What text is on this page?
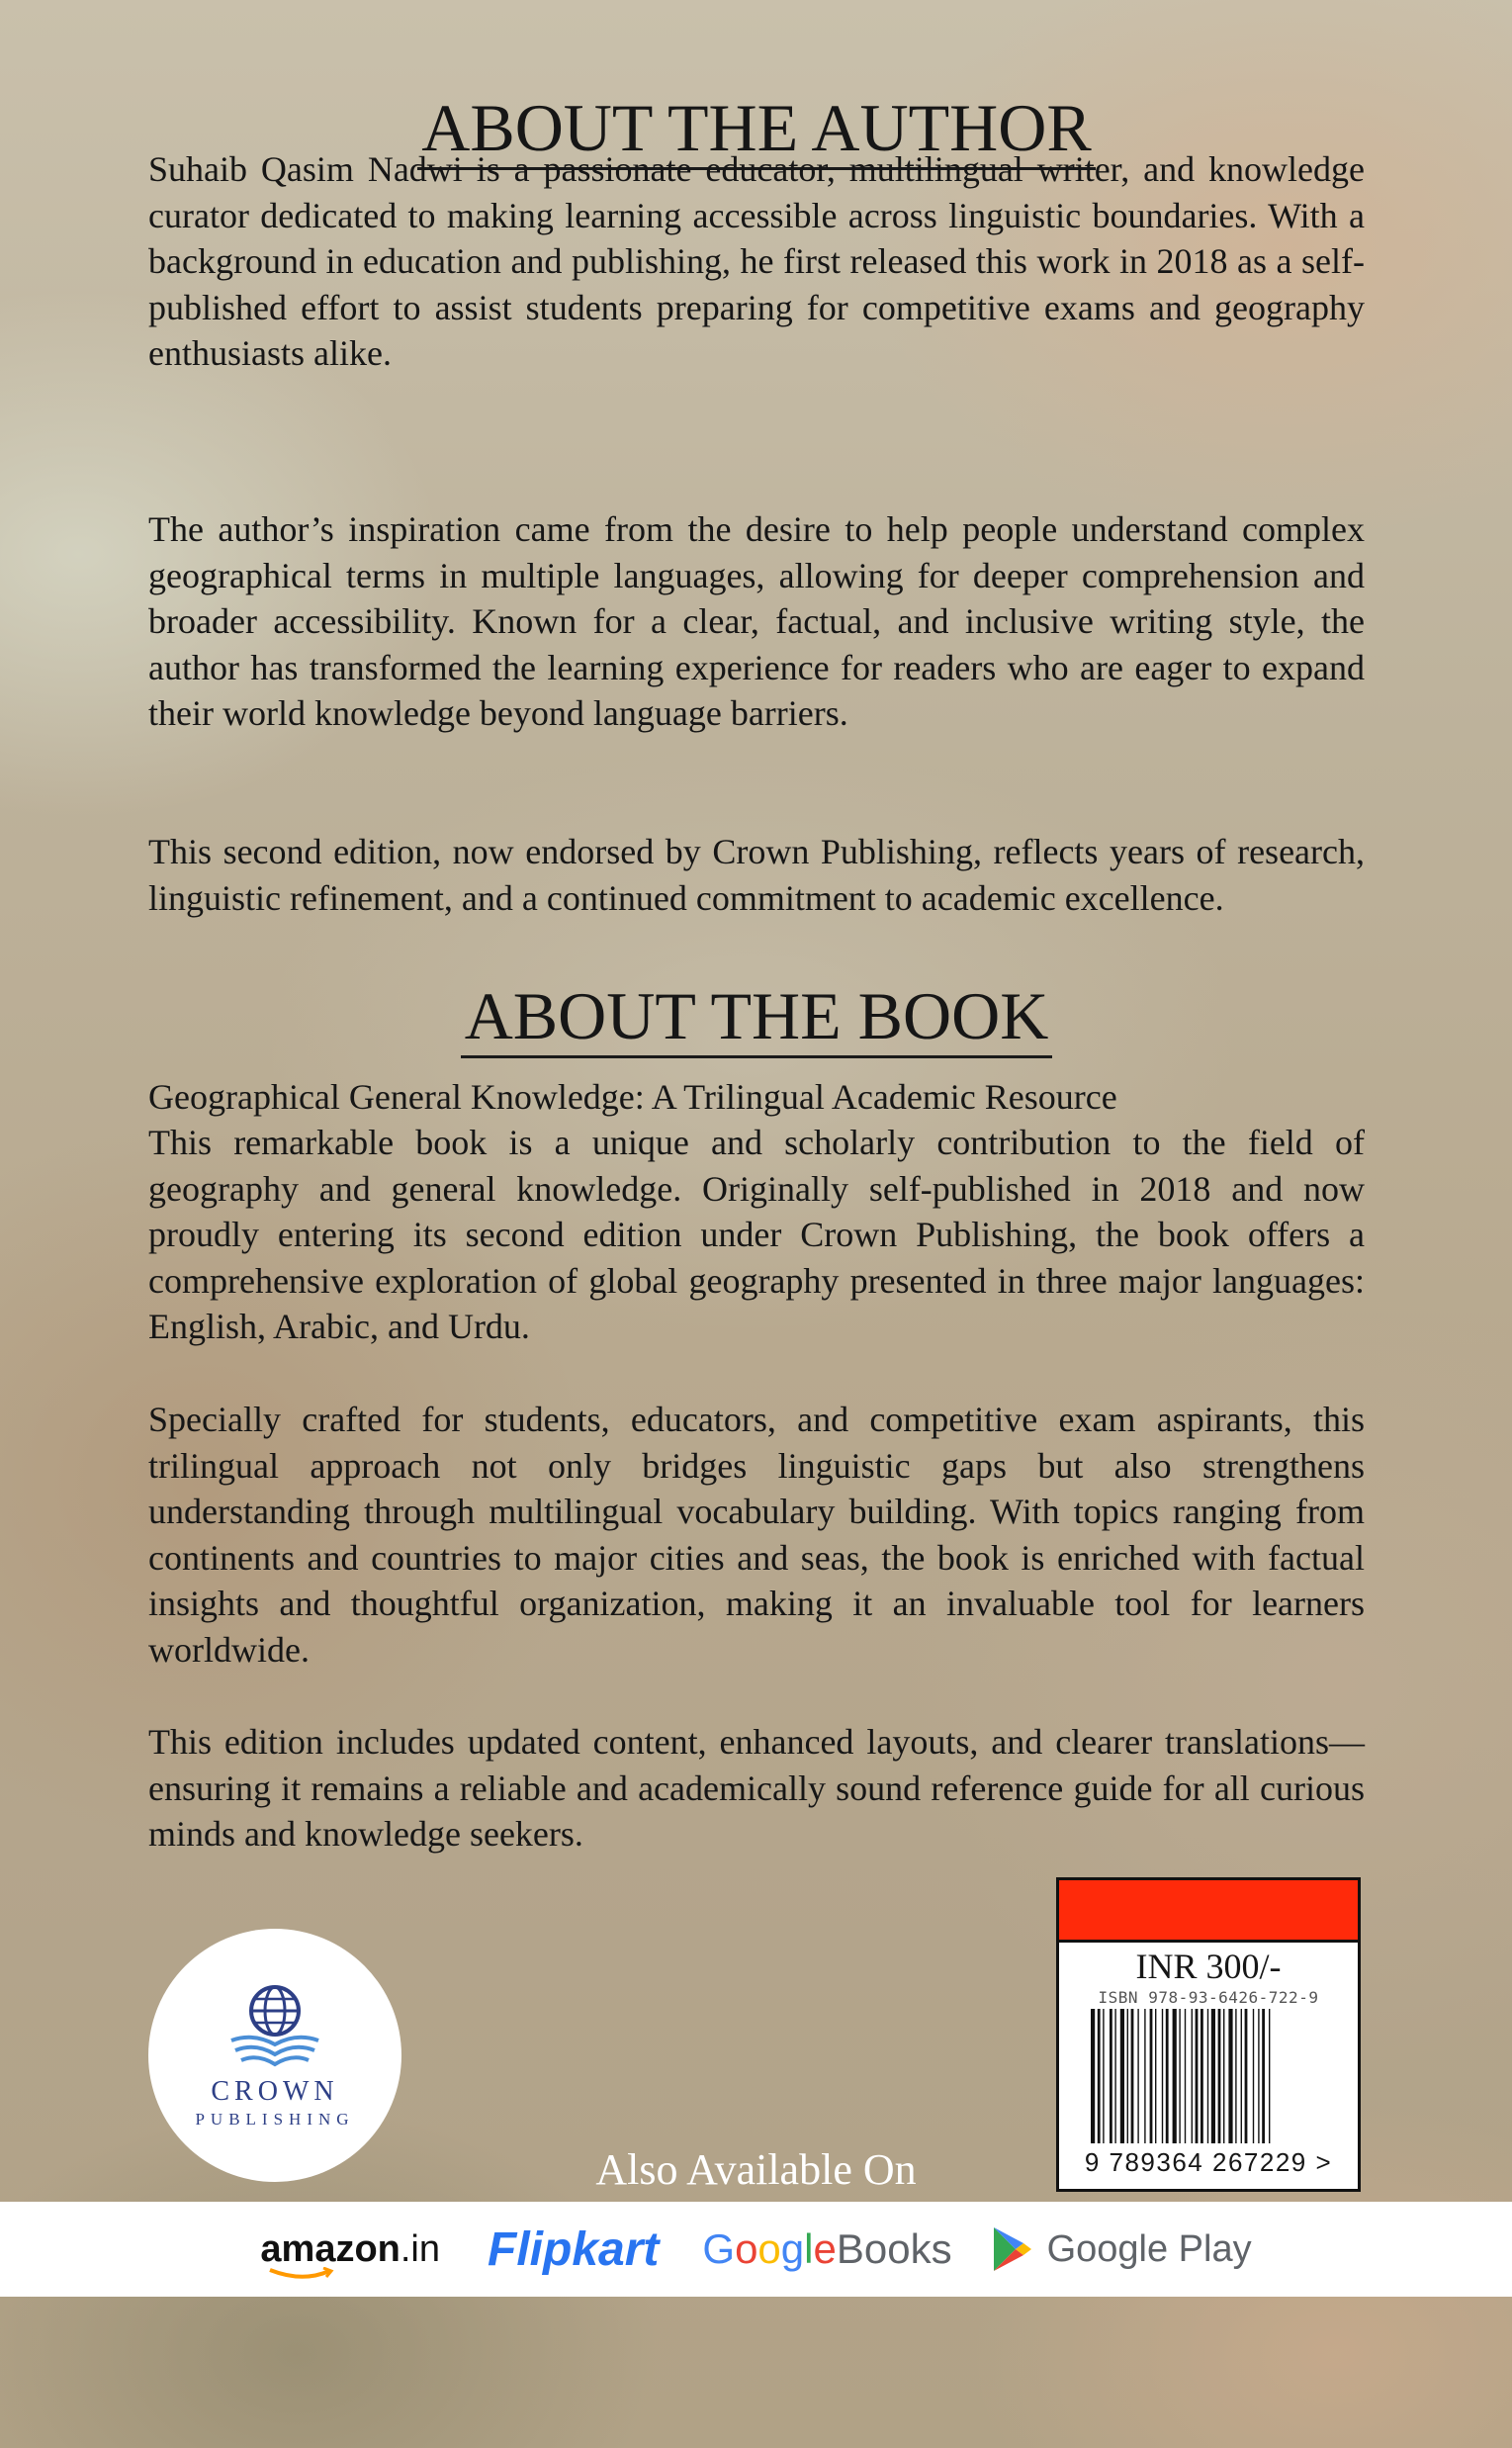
ABOUT THE AUTHOR

Suhaib Qasim Nadwi is a passionate educator, multilingual writer, and knowledge curator dedicated to making learning accessible across linguistic boundaries. With a background in education and publishing, he first released this work in 2018 as a self-published effort to assist students preparing for competitive exams and geography enthusiasts alike.

The author’s inspiration came from the desire to help people understand complex geographical terms in multiple languages, allowing for deeper comprehension and broader accessibility. Known for a clear, factual, and inclusive writing style, the author has transformed the learning experience for readers who are eager to expand their world knowledge beyond language barriers.

This second edition, now endorsed by Crown Publishing, reflects years of research, linguistic refinement, and a continued commitment to academic excellence.

ABOUT THE BOOK

Geographical General Knowledge: A Trilingual Academic Resource

This remarkable book is a unique and scholarly contribution to the field of geography and general knowledge. Originally self-published in 2018 and now proudly entering its second edition under Crown Publishing, the book offers a comprehensive exploration of global geography presented in three major languages: English, Arabic, and Urdu.

Specially crafted for students, educators, and competitive exam aspirants, this trilingual approach not only bridges linguistic gaps but also strengthens understanding through multilingual vocabulary building. With topics ranging from continents and countries to major cities and seas, the book is enriched with factual insights and thoughtful organization, making it an invaluable tool for learners worldwide.

This edition includes updated content, enhanced layouts, and clearer translations—ensuring it remains a reliable and academically sound reference guide for all curious minds and knowledge seekers.

CROWN
PUBLISHING
INR 300/-
ISBN 978-93-6426-722-9
9 789364 267229 >
Also Available On
amazon .in Flipkart G o o g l e Books	Google Play
